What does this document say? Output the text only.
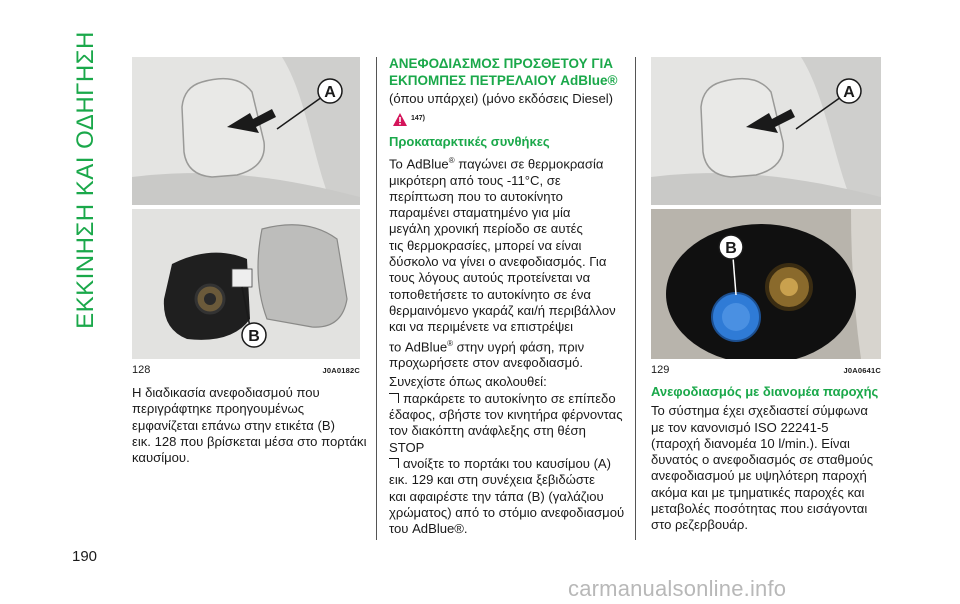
ΕΚΚΙΝΗΣΗ ΚΑΙ ΟΔΗΓΗΣΗ
190
A
B
128	J0A0182C
Η διαδικασία ανεφοδιασμού που
περιγράφτηκε προηγουμένως
εμφανίζεται επάνω στην ετικέτα (B)
εικ. 128 που βρίσκεται μέσα στο πορτάκι
καυσίμου.
ΑΝΕΦΟΔΙΑΣΜΟΣ ΠΡΟΣΘΕΤΟΥ ΓΙΑ
ΕΚΠΟΜΠΕΣ ΠΕΤΡΕΛΑΙΟΥ AdBlue®
(όπου υπάρχει) (μόνο εκδόσεις Diesel)
147)
Προκαταρκτικές συνθήκες
Το AdBlue® παγώνει σε θερμοκρασία
μικρότερη από τους -11°C, σε
περίπτωση που το αυτοκίνητο
παραμένει σταματημένο για μία
μεγάλη χρονική περίοδο σε αυτές
τις θερμοκρασίες, μπορεί να είναι
δύσκολο να γίνει ο ανεφοδιασμός. Για
τους λόγους αυτούς προτείνεται να
τοποθετήσετε το αυτοκίνητο σε ένα
θερμαινόμενο γκαράζ και/ή περιβάλλον
και να περιμένετε να επιστρέψει
το AdBlue® στην υγρή φάση, πριν
προχωρήσετε στον ανεφοδιασμό.
Συνεχίστε όπως ακολουθεί:
παρκάρετε το αυτοκίνητο σε επίπεδο
έδαφος, σβήστε τον κινητήρα φέρνοντας
τον διακόπτη ανάφλεξης στη θέση
STOP
ανοίξτε το πορτάκι του καυσίμου (A)
εικ. 129 και στη συνέχεια ξεβιδώστε
και αφαιρέστε την τάπα (B) (γαλάζιου
χρώματος) από το στόμιο ανεφοδιασμού
του AdBlue®.
A
B
129	J0A0641C
Ανεφοδιασμός με διανομέα παροχής
Το σύστημα έχει σχεδιαστεί σύμφωνα
με τον κανονισμό ISO 22241-5
(παροχή διανομέα 10 l/min.). Είναι
δυνατός ο ανεφοδιασμός σε σταθμούς
ανεφοδιασμού με υψηλότερη παροχή
ακόμα και με τμηματικές παροχές και
μεταβολές ποσότητας που εισάγονται
στο ρεζερβουάρ.
carmanualsonline.info
